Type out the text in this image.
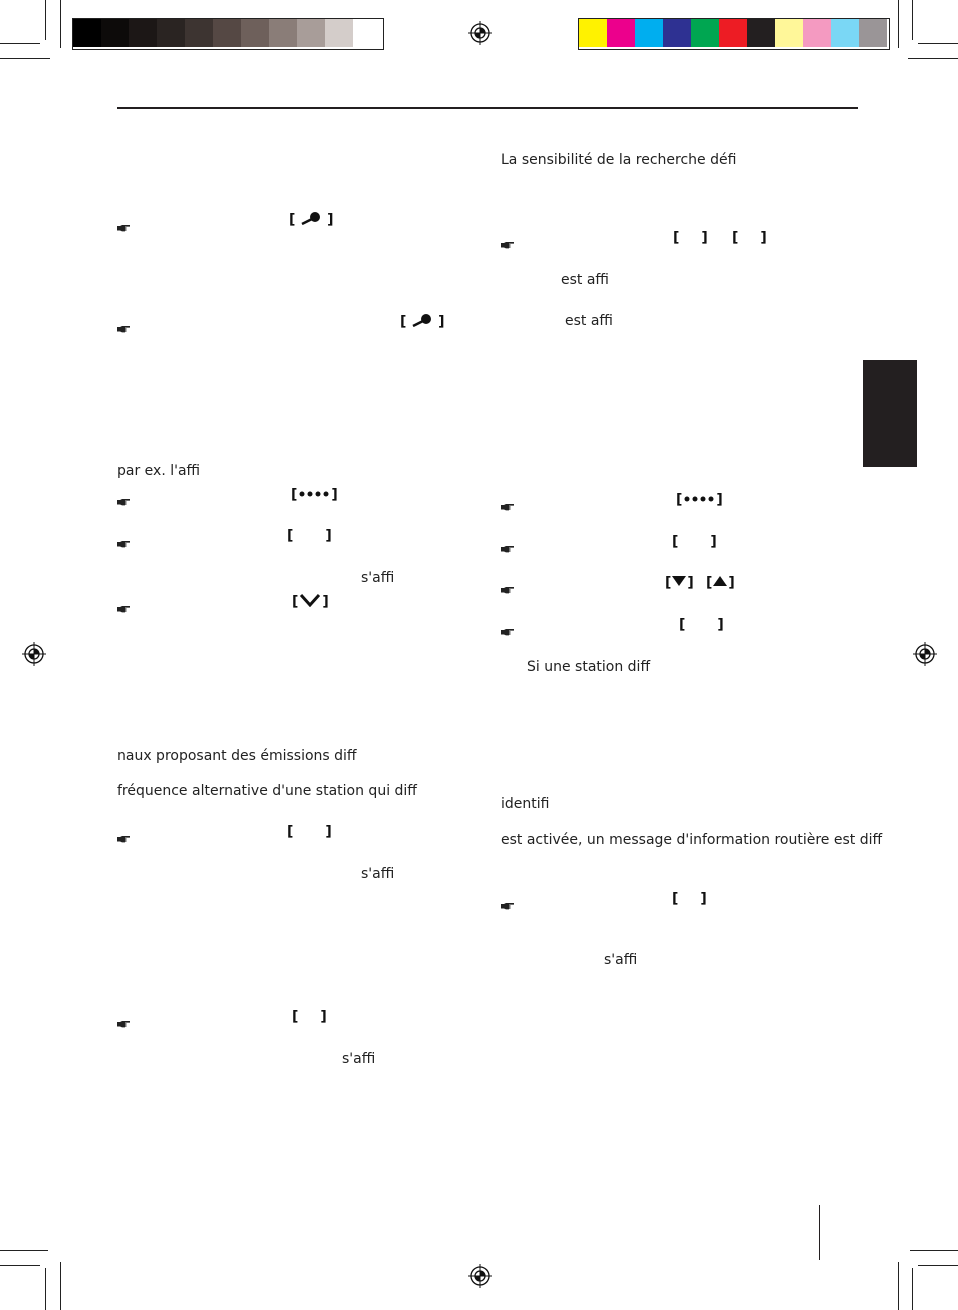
[  ]
[  ]
par ex. l'affi
[ ]
[ ]
s'affi
[ ]
naux proposant des émissions diff
fréquence alternative d'une station qui diff
[ ]
s'affi
[ ]
s'affi
La sensibilité de la recherche défi
[ ] [ ]
est affi
est affi
[ ]
[ ]
[ ] [ ]
[ ]
Si une station diff
identifi
est activée, un message d'information routière est diff
[ ]
s'affi
